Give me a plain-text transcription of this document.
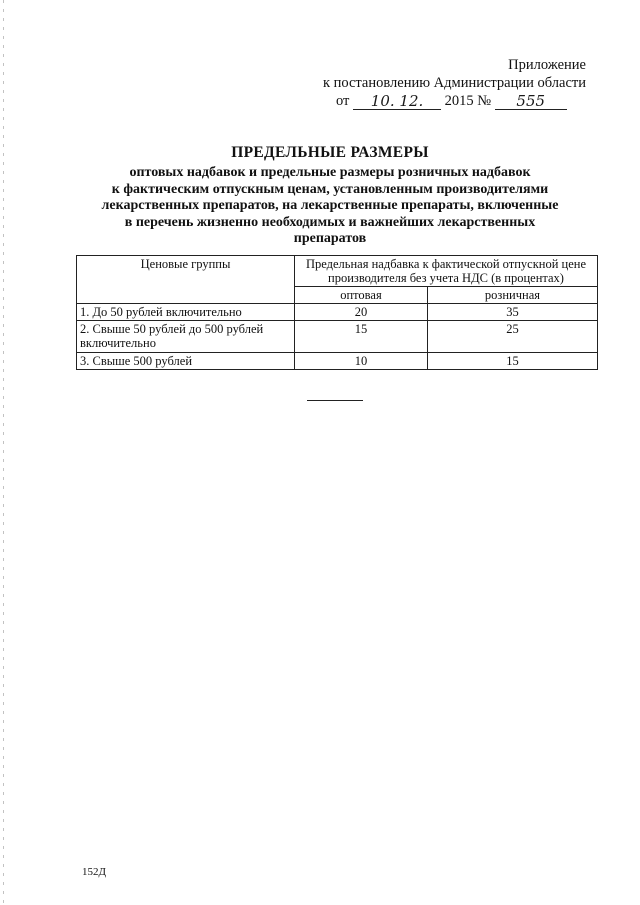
Приложение
к постановлению Администрации области
от 10. 12. 2015 № 555
ПРЕДЕЛЬНЫЕ РАЗМЕРЫ
оптовых надбавок и предельные размеры розничных надбавок
к фактическим отпускным ценам, установленным производителями
лекарственных препаратов, на лекарственные препараты, включенные
в перечень жизненно необходимых и важнейших лекарственных
препаратов
Ценовые группы	Предельная надбавка к фактической отпускной цене производителя без учета НДС (в процентах)	
	оптовая	розничная
1. До 50 рублей включительно	20	35
2. Свыше 50 рублей до 500 рублей включительно	15	25
3. Свыше 500 рублей	10	15
152Д
